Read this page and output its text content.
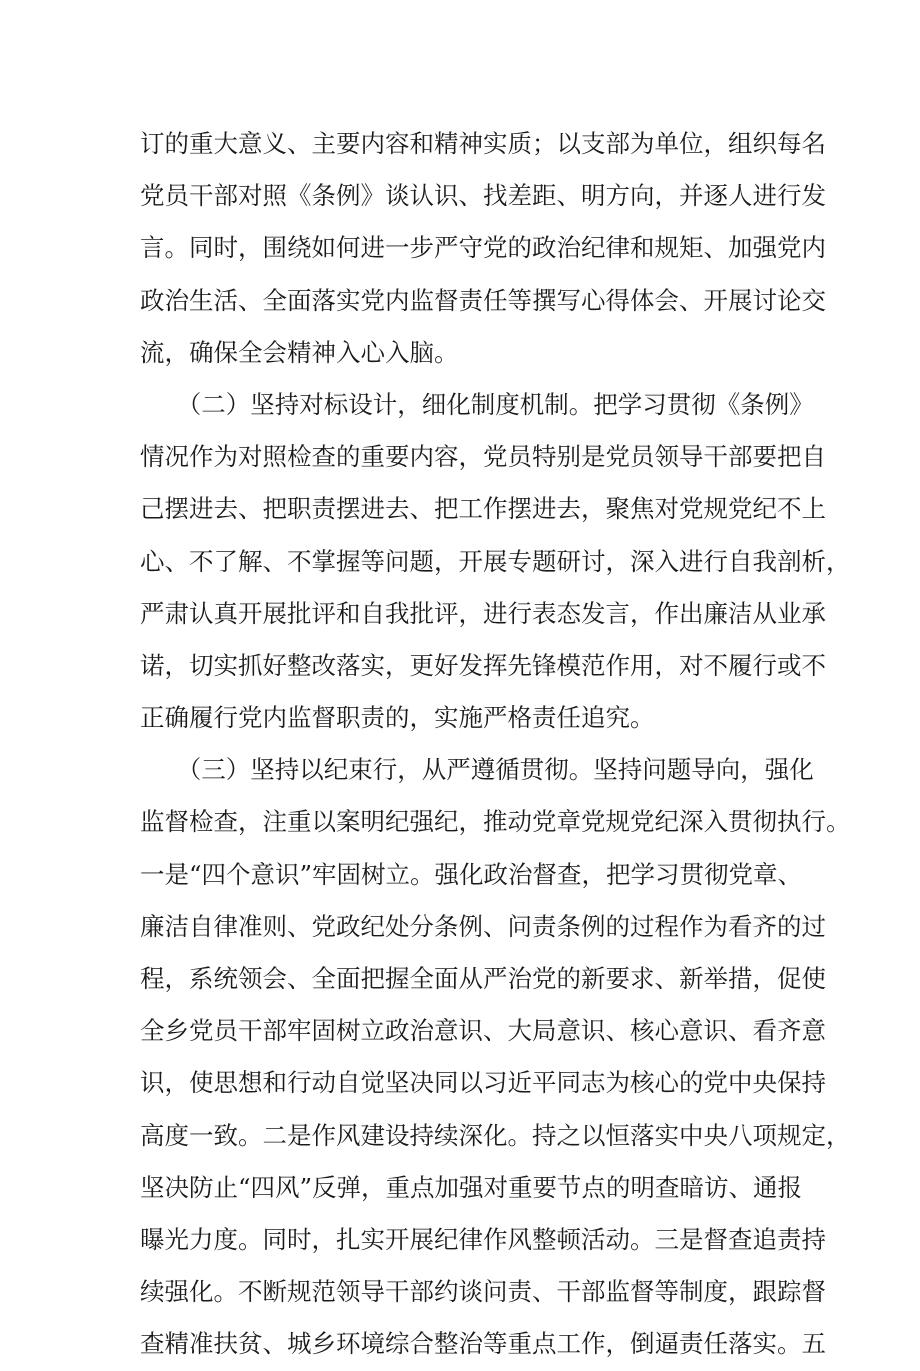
订的重大意义、主要内容和精神实质；以支部为单位，组织每名
党员干部对照《条例》谈认识、找差距、明方向，并逐人进行发
言。同时，围绕如何进一步严守党的政治纪律和规矩、加强党内
政治生活、全面落实党内监督责任等撰写心得体会、开展讨论交
流，确保全会精神入心入脑。
　　（二）坚持对标设计，细化制度机制。把学习贯彻《条例》
情况作为对照检查的重要内容，党员特别是党员领导干部要把自
己摆进去、把职责摆进去、把工作摆进去，聚焦对党规党纪不上
心、不了解、不掌握等问题，开展专题研讨，深入进行自我剖析，
严肃认真开展批评和自我批评，进行表态发言，作出廉洁从业承
诺，切实抓好整改落实，更好发挥先锋模范作用，对不履行或不
正确履行党内监督职责的，实施严格责任追究。
　　（三）坚持以纪束行，从严遵循贯彻。坚持问题导向，强化
监督检查，注重以案明纪强纪，推动党章党规党纪深入贯彻执行。
一是“四个意识”牢固树立。强化政治督查，把学习贯彻党章、
廉洁自律准则、党政纪处分条例、问责条例的过程作为看齐的过
程，系统领会、全面把握全面从严治党的新要求、新举措，促使
全乡党员干部牢固树立政治意识、大局意识、核心意识、看齐意
识，使思想和行动自觉坚决同以习近平同志为核心的党中央保持
高度一致。二是作风建设持续深化。持之以恒落实中央八项规定，
坚决防止“四风”反弹，重点加强对重要节点的明查暗访、通报
曝光力度。同时，扎实开展纪律作风整顿活动。三是督查追责持
续强化。不断规范领导干部约谈问责、干部监督等制度，跟踪督
查精准扶贫、城乡环境综合整治等重点工作，倒逼责任落实。五
